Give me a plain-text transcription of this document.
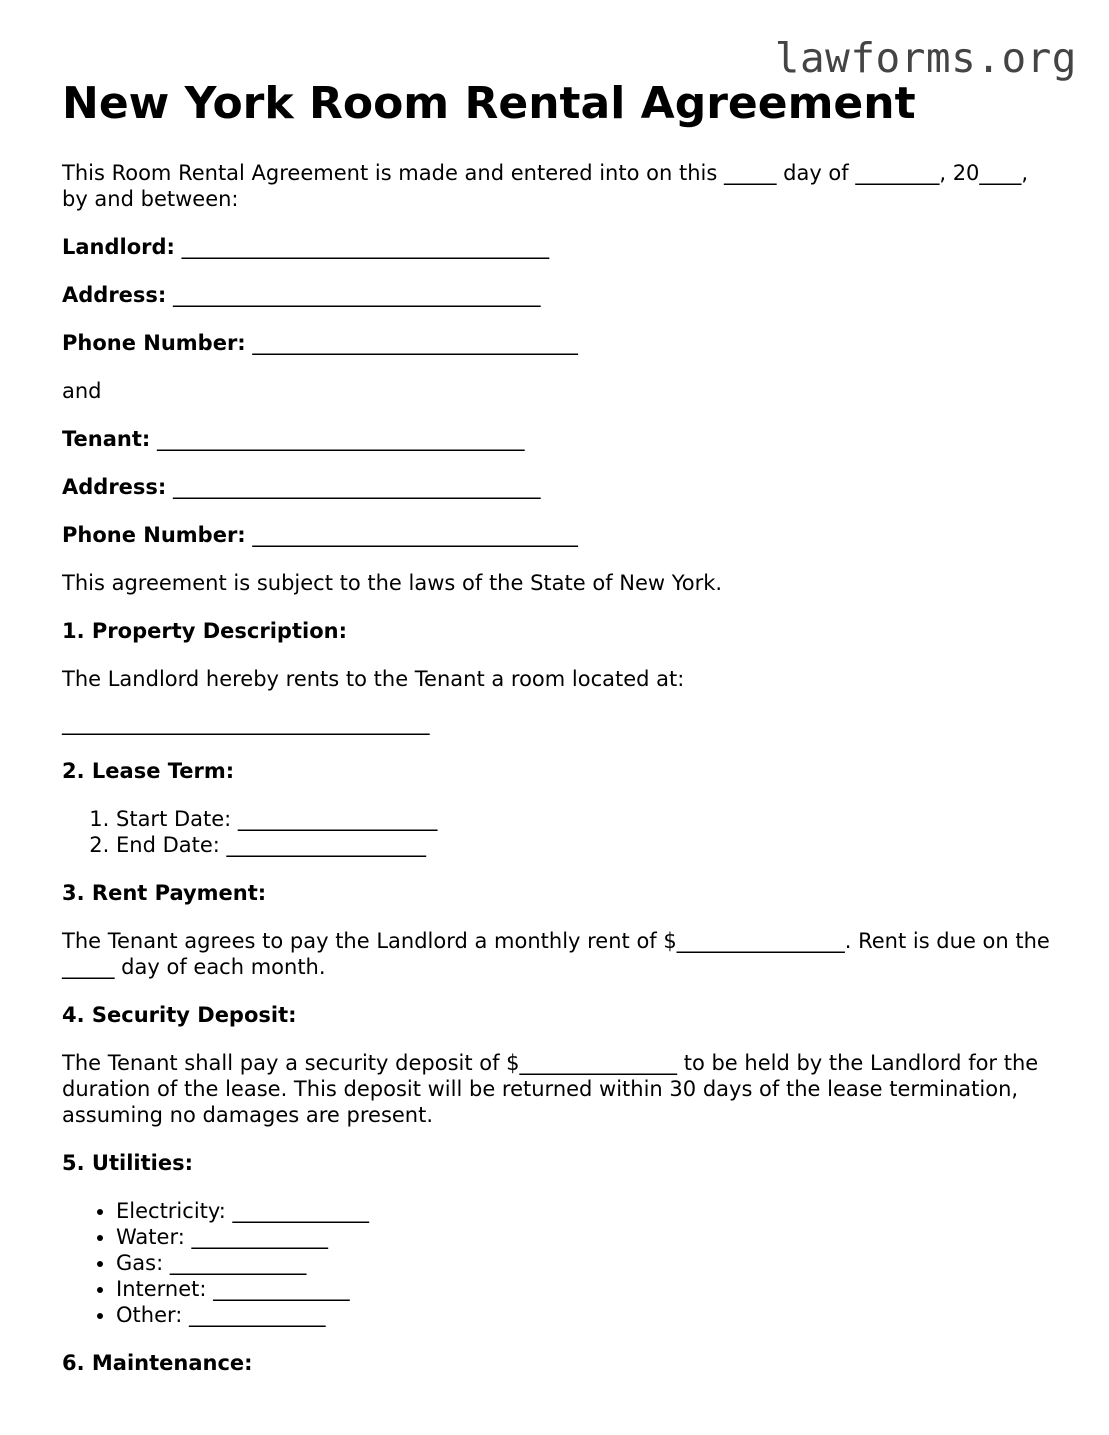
lawforms.org
New York Room Rental Agreement

This Room Rental Agreement is made and entered into on this _____ day of ________, 20____, by and between:

Landlord: ___________________________________
Address: ___________________________________
Phone Number: _______________________________

and

Tenant: ___________________________________
Address: ___________________________________
Phone Number: _______________________________

This agreement is subject to the laws of the State of New York.

1. Property Description:

The Landlord hereby rents to the Tenant a room located at:

___________________________________

2. Lease Term:
1. Start Date: ___________________
2. End Date: ___________________
3. Rent Payment:

The Tenant agrees to pay the Landlord a monthly rent of $________________. Rent is due on the _____ day of each month.

4. Security Deposit:

The Tenant shall pay a security deposit of $_______________ to be held by the Landlord for the duration of the lease. This deposit will be returned within 30 days of the lease termination, assuming no damages are present.

5. Utilities:
• Electricity: _____________
• Water: _____________
• Gas: _____________
• Internet: _____________
• Other: _____________
6. Maintenance:
